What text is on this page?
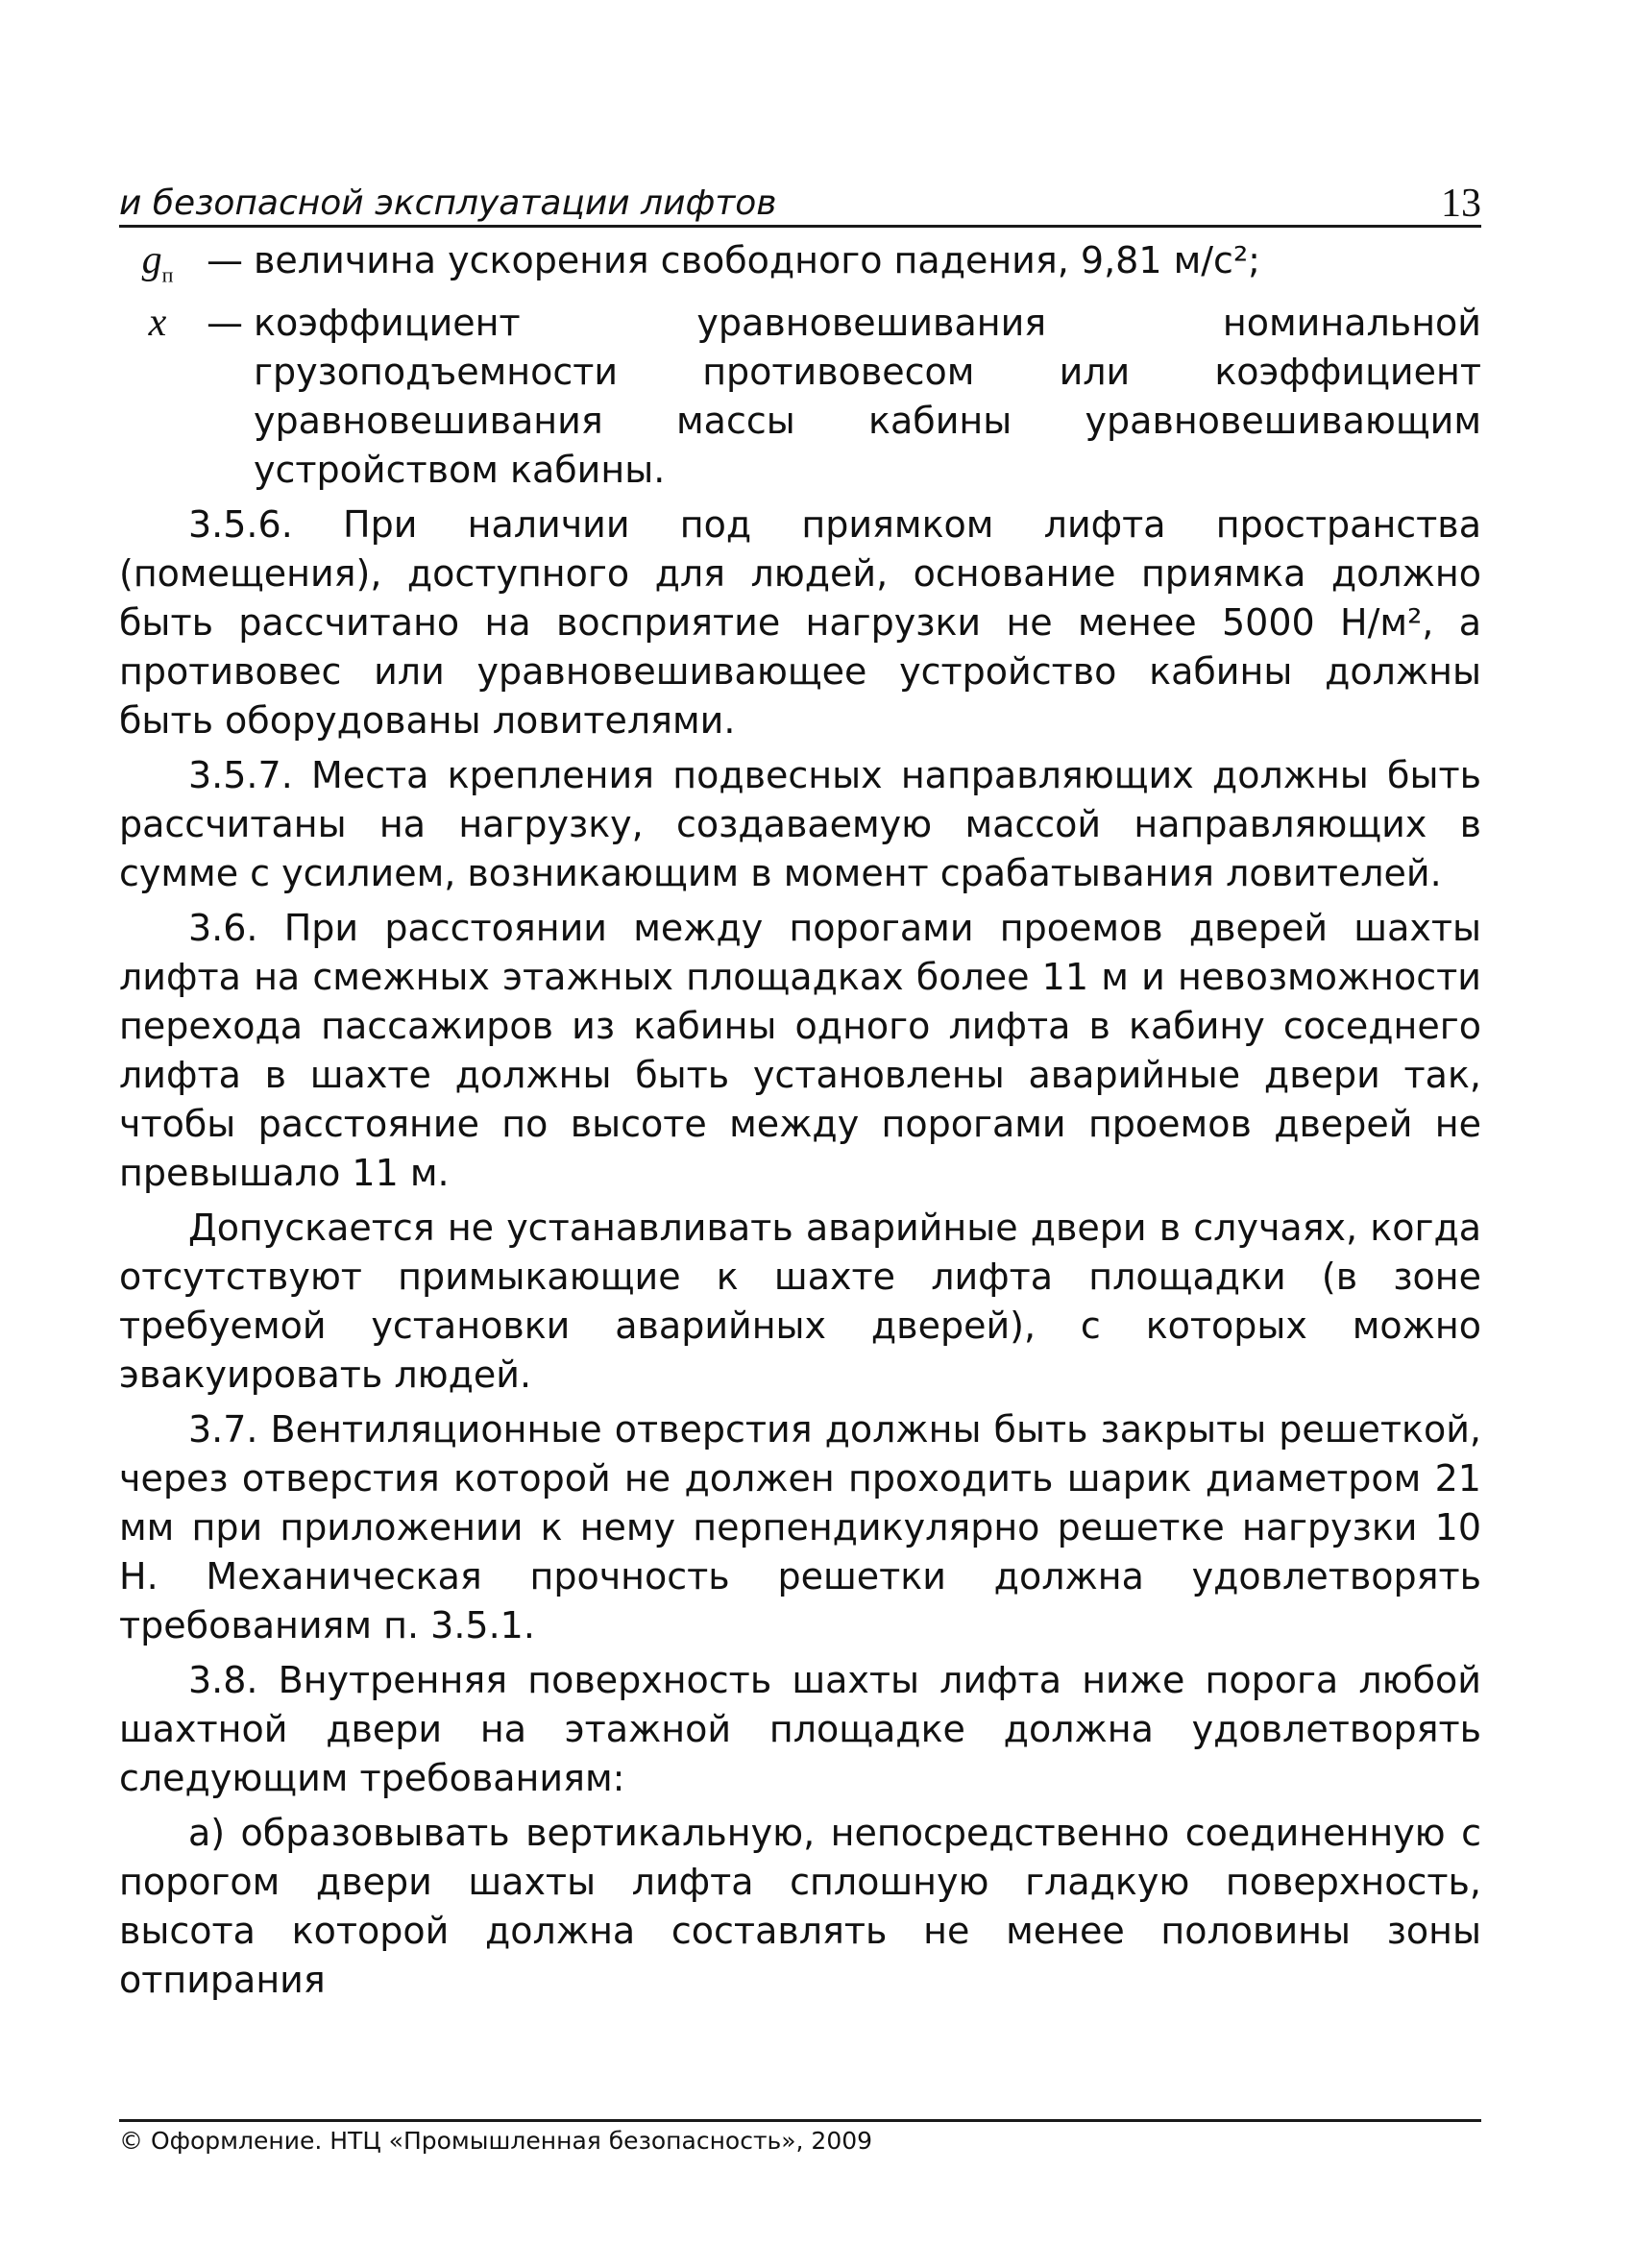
и безопасной эксплуатации лифтов	13
$g_п$ — величина ускорения свободного падения, 9,81 м/с²;
x	— коэффициент уравновешивания номинальной грузоподъемности противовесом или коэффициент уравновешивания массы кабины уравновешивающим устройством кабины.

3.5.6. При наличии под приямком лифта пространства (помещения), доступного для людей, основание приямка должно быть рассчитано на восприятие нагрузки не менее 5000 Н/м², а противовес или уравновешивающее устройство кабины должны быть оборудованы ловителями.

3.5.7. Места крепления подвесных направляющих должны быть рассчитаны на нагрузку, создаваемую массой направляющих в сумме с усилием, возникающим в момент срабатывания ловителей.

3.6. При расстоянии между порогами проемов дверей шахты лифта на смежных этажных площадках более 11 м и невозможности перехода пассажиров из кабины одного лифта в кабину соседнего лифта в шахте должны быть установлены аварийные двери так, чтобы расстояние по высоте между порогами проемов дверей не превышало 11 м.

Допускается не устанавливать аварийные двери в случаях, когда отсутствуют примыкающие к шахте лифта площадки (в зоне требуемой установки аварийных дверей), с которых можно эвакуировать людей.

3.7. Вентиляционные отверстия должны быть закрыты решеткой, через отверстия которой не должен проходить шарик диаметром 21 мм при приложении к нему перпендикулярно решетке нагрузки 10 Н. Механическая прочность решетки должна удовлетворять требованиям п. 3.5.1.

3.8. Внутренняя поверхность шахты лифта ниже порога любой шахтной двери на этажной площадке должна удовлетворять следующим требованиям:

а) образовывать вертикальную, непосредственно соединенную с порогом двери шахты лифта сплошную гладкую поверхность, высота которой должна составлять не менее половины зоны отпирания

© Оформление. НТЦ «Промышленная безопасность», 2009
